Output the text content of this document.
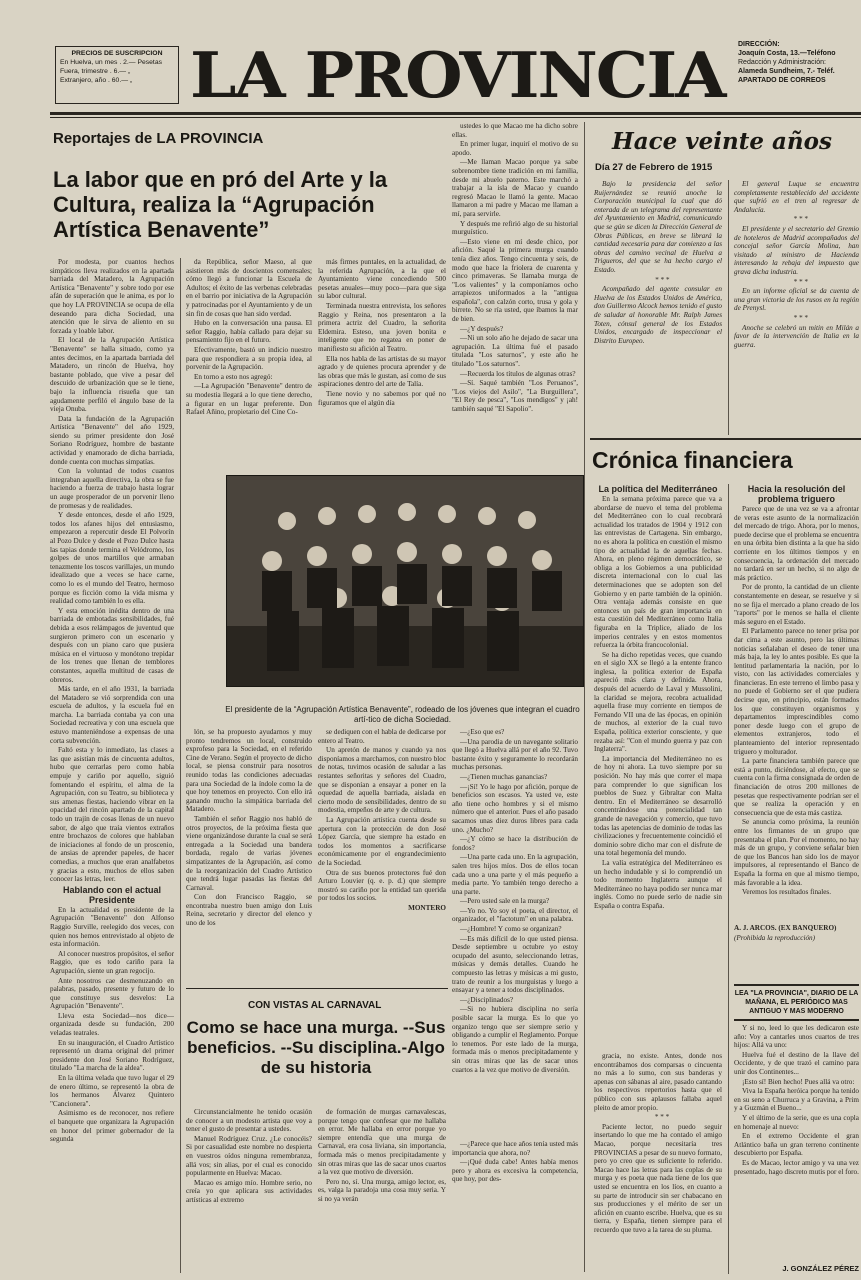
PRECIOS DE SUSCRIPCION
En Huelva, un mes . 2.— Pesetas
Fuera, trimestre . 6.— „
Extranjero, año . 60.— „ LA PROVINCIA DIRECCIÓN:
Joaquín Costa, 13.—Teléfono
Redacción y Administración:
Alameda Sundheim, 7.- Teléf.
APARTADO DE CORREOS
Reportajes de LA PROVINCIA
La labor que en pró del Arte y la Cultura, realiza la “Agrupación Artística Benavente”

Por modesta, por cuantos hechos simpáticos lleva realizados en la apartada barriada del Matadero, la Agrupación Artística "Benavente" y sobre todo por ese afán de superación que le anima, es por lo que hoy LA PROVINCIA se ocupa de ella deseando para dicha Sociedad, una atención que le sirva de aliento en su forzada y loable labor.

El local de la Agrupación Artística "Benavente" se halla situado, como ya antes decimos, en la apartada barriada del Matadero, un rincón de Huelva, hoy bastante poblado, que vive a pesar del descuido de urbanización que se le tiene, bajo la influencia risueña que tan agudamente perfiló el ángulo base de la vieja Onuba.

Data la fundación de la Agrupación Artística "Benavente" del año 1929, siendo su primer presidente don José Soriano Rodríguez, hombre de bastante actividad y enamorado de dicha barriada, donde cuenta con muchas simpatías.

Con la voluntad de todos cuantos integraban aquella directiva, la obra se fue haciendo a fuerza de trabajo hasta lograr un auge prosperador de un porvenir lleno de promesas y de realidades.

Y desde entonces, desde el año 1929, todos los afanes hijos del entusiasmo, empezaron a repercutir desde El Polvorín al Pozo Dulce y desde el Pozo Dulce hasta las tapias donde termina el Velódromo, los golpes de unos martillos que armaban tenazmente los toscos varillajes, un mundo idealizado que a veces se hace carne, como lo es el mundo del Teatro, hermoso porque es ficción como la vida misma y realidad como también lo es ella.

Y esta emoción inédita dentro de una barriada de embotadas sensibilidades, fué debida a esos relámpagos de juventud que surgieron primero con un escenario y después con un piano caro que pusiera música en el virtuoso y monótono trepidar de los trenes que llenan de temblores constantes, aquella multitud de casas de obreros.

Más tarde, en el año 1931, la barriada del Matadero se vió sorprendida con una escuela de adultos, y la escuela fué en marcha. La barriada contaba ya con una Sociedad recreativa y con una escuela que estuvo manteniéndose a expensas de una corta subvención.

Faltó esta y lo inmediato, las clases a las que asistían más de cincuenta adultos, hubo que cerrarlas pero como había empuje y cariño por aquello, siguió fomentando el espíritu, el alma de la Agrupación, con su Teatro, su biblioteca y sus amenas fiestas, haciendo vibrar en la opacidad del rincón apartado de la capital todo un trajín de cosas llenas de un nuevo sabor, de algo que traía vientos extraños entre brochazos de colores que hablaban de iniciaciones al fondo de un proscenio, de ansias de aprender papeles, de hacer comedias, a muchos que eran analfabetos y gracias a esto, muchos de ellos saben conocer las letras, leer.

Hablando con el actual Presidente

En la actualidad es presidente de la Agrupación "Benavente" don Alfonso Raggio Surville, reelegido dos veces, con quien nos hemos entrevistado al objeto de esta información.

Al conocer nuestros propósitos, el señor Raggio, que es todo cariño para la Agrupación, siente un gran regocijo.

Ante nosotros cae desmenuzando en palabras, pasado, presente y futuro de lo que constituye sus desvelos: La Agrupación "Benavente".

Lleva esta Sociedad—nos dice—organizada desde su fundación, 200 veladas teatrales.

En su inauguración, el Cuadro Artístico representó un drama original del primer presidente don José Soriano Rodríguez, titulado "La marcha de la aldea".

En la última velada que tuvo lugar el 29 de enero último, se representó la obra de los hermanos Álvarez Quintero "Cancionera".

Asimismo es de reconocer, nos refiere el banquete que organizara la Agrupación en honor del primer gobernador de la segunda

da República, señor Maeso, al que asistieron más de doscientos comensales; cómo llegó a funcionar la Escuela de Adultos; el éxito de las verbenas celebradas en el barrio por iniciativa de la Agrupación y patrocinadas por el Ayuntamiento y de un sin fin de cosas que han sido verdad.

Hubo en la conversación una pausa. El señor Raggio, había callado para dejar su pensamiento fijo en el futuro.

Efectivamente, bastó un indicio nuestro para que respondiera a su propia idea, al porvenir de la Agrupación.

En torno a esto nos agregó:

—La Agrupación "Benavente" dentro de su modestia llegará a lo que tiene derecho, a figurar en un lugar preferente. Don Rafael Añino, propietario del Cine Co-

más firmes puntales, en la actualidad, de la referida Agrupación, a la que el Ayuntamiento viene concediendo 500 pesetas anuales—muy poco—para que siga su labor cultural.

Terminada nuestra entrevista, los señores Raggio y Reina, nos presentaron a la primera actriz del Cuadro, la señorita Eldemira. Esteso, una joven bonita e inteligente que no regatea en poner de manifiesto su afición al Teatro.

Ella nos habla de las artistas de su mayor agrado y de quienes procura aprender y de las obras que más le gustan, así como de sus aspiraciones dentro del arte de Talía.

Tiene novio y no sabemos por qué no figuramos que el algún día

El presidente de la “Agrupación Artística Benavente”, rodeado de los jóvenes que integran el cuadro artí-tico de dicha Sociedad.

lón, se ha propuesto ayudarnos y muy pronto tendremos un local, construido exprofeso para la Sociedad, en el referido Cine de Verano. Según el proyecto de dicho local, se piensa construir para nosotros reunido todas las condiciones adecuadas para una Sociedad de la índole como la de que hoy tenemos en proyecto. Con ello irá ganando mucho la simpática barriada del Matadero.

También el señor Raggio nos habló de otros proyectos, de la próxima fiesta que viene organizándose durante la cual se será entregada a la Sociedad una bandera bordada, regalo de varias jóvenes simpatizantes de la Agrupación, así como de la reorganización del Cuadro Artístico que tendrá lugar pasadas las fiestas del Carnaval.

Con don Francisco Raggio, se encontraba nuestro buen amigo don Luis Reina, secretario y director del elenco y uno de los

se dediquen con el habla de dedicarse por entero al Teatro.

Un apretón de manos y cuando ya nos disponíamos a marcharnos, con nuestro bloc de notas, tuvimos ocasión de saludar a las restantes señoritas y señores del Cuadro, que se disponían a ensayar a poner en la oquedad de aquella barriada, aislada en cierto modo de sensibilidades, dentro de su modestia, empeños de arte y de cultura.

La Agrupación artística cuenta desde su apertura con la protección de don José López García, que siempre ha estado en todos los momentos a sacrificarse económicamente por el engrandecimiento de la Sociedad.

Otra de sus buenos protectores fué don Arturo Louvier (q. e. p. d.) que siempre mostró su cariño por la entidad tan querida por todos los socios.

MONTERO

ustedes lo que Macao me ha dicho sobre ellas.

En primer lugar, inquirí el motivo de su apodo.

—Me llaman Macao porque ya sabe sobrenombre tiene tradición en mi familia, desde mi abuelo paterno. Este marchó a trabajar a la isla de Macao y cuando regresó Macao le llamó la gente. Macao llamaron a mi padre y Macao me llaman a mí, para servirle.

Y después me refirió algo de su historial murguístico.

—Esto viene en mí desde chico, por afición. Saqué la primera murga cuando tenía diez años. Tengo cincuenta y seis, de modo que hace la friolera de cuarenta y cinco primaveras. Se llamaba murga de "Los valientes" y la componíamos ocho arrapiezos uniformados a la "antigua española", con calzón corto, trusa y gola y birrete. No se ría usted, que íbamos la mar de bien.

—¿Y después?

—Ni un solo año he dejado de sacar una agrupación. La última fué el pasado titulada "Los saturnos", y este año he titulado "Los saturnos".

—Recuerda los títulos de algunas otras?

—Sí. Saqué también "Los Peruanos", "Los viejos del Asilo", "La Burguillera", "El Rey de pesca", "Los mendigos" y ¡ah! también saqué "El Sapolio".

—¿Eso que es?

—Una parodia de un navegante solitario que llegó a Huelva allá por el año 92. Tuvo bastante éxito y seguramente lo recordarán muchas personas.

—¿Tienen muchas ganancias?

—¡Sí! Yo le hago por afición, porque de beneficios son escasos. Ya usted ve, este año tiene ocho hombres y si el mismo número que el anterior. Pues el año pasado sacamos unas diez duros libres para cada uno. ¿Mucho?

—¿Y cómo se hace la distribución de fondos?

—Una parte cada uno. En la agrupación, salen tres hijos míos. Dos de ellos tocan cada uno a una parte y el más pequeño a media parte. Yo también tengo derecho a una parte.

—Pero usted sale en la murga?

—Yo no. Yo soy el poeta, el director, el organizador, el "factotum" en una palabra.

—¿Hombre! Y como se organizan?

—Es más difícil de lo que usted piensa. Desde septiembre u octubre yo estoy ocupado del asunto, seleccionando letras, músicas y demás detalles. Cuando he compuesto las letras y músicas a mi gusto, trato de reunir a los murguistas y luego a ensayar y a tener a todos disciplinados.

—¿Disciplinados?

—Si no hubiera disciplina no sería posible sacar la murga. Es lo que yo organizo tengo que ser siempre serio y obligando a cumplir el Reglamento. Porque lo tenemos. Por este lado de la murga, formada más o menos precipitadamente y sin otras miras que las de sacar unos cuartos a la vez que motivo de diversión.

—¿Parece que hace años tenía usted más importancia que ahora, no?

—¡Qué duda cabe! Antes había menos pero y ahora es excesiva la competencia, que hoy, por des-

CON VISTAS AL CARNAVAL
Como se hace una murga. --Sus beneficios. --Su disciplina.-Algo de su historia

Circunstancialmente he tenido ocasión de conocer a un modesto artista que voy a tener el gusto de presentar a ustedes.

Manuel Rodríguez Cruz. ¿Le conocéis? Si por casualidad este nombre no despierta en vuestros oídos ninguna remembranza, allá vos; sin alias, por el cual es conocido popularmente en Huelva: Macao.

Macao es amigo mío. Hombre serio, no creía yo que aplicara sus actividades artísticas al extremo

de formación de murgas carnavalescas, porque tengo que confesar que me hallaba en error. Me hallaba en error porque yo siempre entendía que una murga de Carnaval, era cosa liviana, sin importancia, formada más o menos precipitadamente y sin otras miras que las de sacar unos cuartos a la vez que motivo de diversión.

Pero no, sí. Una murga, amigo lector, es, es, valga la paradoja una cosa muy seria. Y si no ya verán

Hace veinte años
Día 27 de Febrero de 1915

Bajo la presidencia del señor Ruijernández se reunió anoche la Corporación municipal la cual que dó enterada de un telegrama del representante del Ayuntamiento en Madrid, comunicando que se gún se dicen la Dirección General de Obras Públicas, en breve se librará la cantidad necesaria para dar comienzo a las obras del camino vecinal de Huelva a Trigueros, del que se ha hecho cargo el Estado.

* * *

Acompañado del agente consular en Huelva de los Estados Unidos de América, don Guillermo Alcock hemos tenido el gusto de saludar al honorable Mr. Ralph James Toten, cónsul general de los Estados Unidos, encargado de inspeccionar el Distrito Europeo.

El general Luque se encuentra completamente restablecido del accidente que sufrió en el tren al regresar de Andalucía.

* * *

El presidente y el secretario del Gremio de hoteleros de Madrid acompañados del concejal señor García Molina, han visitado al ministro de Hacienda interesando la rebaja del impuesto que grava dicha industria.

* * *

En un informe oficial se da cuenta de una gran victoria de los rusos en la región de Prenysl.

* * *

Anoche se celebró un mitin en Milán a favor de la intervención de Italia en la guerra.

Crónica financiera

La política del Mediterráneo

En la semana próxima parece que va a abordarse de nuevo el tema del problema del Mediterráneo con lo cual recobrará actualidad los tratados de 1904 y 1912 con las entrevistas de Cartagena. Sin embargo, no es ahora la política en cuestión el mismo tipo de actualidad la de aquellas fechas. Ahora, en pleno régimen democrático, se obliga a los Gobiernos a una publicidad discreta internacional con lo cual las determinaciones que se adopten son del Gobierno y en parte también de la opinión. Otra ventaja además consiste en que entonces un país de gran importancia en esta cuestión del Mediterráneo como Italia figuraba en la Triplice, aliado de los imperios centrales y en estos momentos refuerza la órbita francocolonial.

Se ha dicho repetidas veces, que cuando en el siglo XX se llegó a la entente franco inglesa, la política exterior de España apareció más clara y definida. Ahora, después del acuerdo de Laval y Mussolini, la claridad se mejora, recobra actualidad aquella frase muy corriente en tiempos de Fernando VII una de las épocas, en opinión de muchos, al exterior de la cual tuvo España, política exterior consciente, y que rezaba así: "Con el mundo guerra y paz con Inglaterra".

La importancia del Mediterráneo no es de hoy ni ahora. La tuvo siempre por su posición. No hay más que correr el mapa para comprender lo que significan los pueblos de Suez y Gibraltar con Malta dentro. En el Mediterráneo se desarrolló concentrándose una potencialidad tan grande de navegación y comercio, que tuvo todas las apetencias de dominio de todas las civilizaciones y frecuentemente coincidió el dominio sobre dicho mar con el disfrute de una total hegemonía del mundo.

La valía estratégica del Mediterráneo es un hecho indudable y si lo comprendió un todo momento Inglaterra aunque el Mediterráneo no haya podido ser nunca mar inglés. Como no puede serlo de nadie sin España o contra España.

Hacia la resolución del problema triguero

Parece que de una vez se va a afrontar de veras este asunto de la normalización del mercado de trigo. Ahora, por lo menos, puede decirse que el problema se encuentra en una órbita bien distinta a la que ha sido corriente en los últimos tiempos y en consecuencia, la ordenación del mercado no tardará en ser un hecho, si no algo de más práctico.

Por de pronto, la cantidad de un cliente constantemente en desear, se resuelve y si no se fija el mercado a plano creado de los "raports" por le menos se halla el cliente más seguro en el Estado.

El Parlamento parece no tener prisa por dar cima a este asunto, pero las últimas noticias señalaban el deseo de tener una más baja, la ley lo antes posible. Es que la lentitud parlamentaria la nación, por lo visto, con las actividades comerciales y financieras. En este terreno el limbo pasa y no puede el Gobierno ser el que pudiera decirse que, en principio, están formados los que constituyen organismos y departamentos imprescindibles como poner desde luego con el grupo de elementos extranjeros, todo el planteamiento del interior representado triguero y molturador.

La parte financiera también parece que está a punto, diciéndose, al efecto, que se cuenta con la firma consignada de orden de financiación de otros 200 millones de pesetas que respectivamente podrían ser el que se realiza la operación y en consecuencia que de esta más castiza.

Se anuncia como próxima, la reunión entre los firmantes de un grupo que presentaba el plan. Por el momento, no hay más de un grupo, y conviene señalar bien de que los Bancos han sido los de mayor impulsores, al representando el Banco de España la forma en que al mismo tiempo, más favorable a la idea.

Veremos los resultados finales.

A. J. ARCOS. (EX BANQUERO)

(Prohibida la reproducción)

LEA "LA PROVINCIA", DIARIO DE LA MAÑANA, EL PERIÓDICO MAS ANTIGUO Y MAS MODERNO

gracia, no existe. Antes, donde nos encontrábamos dos comparsas o cincuenta no más a lo sumo, con sus banderas y apenas con sábanas al aire, pasado cantando los respectivos repertorios hasta que el público con sus aplausos fallaba aquel pleito de amor propio.

* * *

Paciente lector, no puedo seguir insertando lo que me ha contado el amigo Macao, porque necesitaría tres PROVINCIAS a pesar de su nuevo formato, pero yo creo que es suficiente lo referido. Macao hace las letras para las coplas de su murga y es poeta que nada tiene de los que usted se encuentra en los líos, en cuanto a su parte de introducir sin ser chabacano en sus producciones y el mérito de ser un afición en cuanto escribe. Huelva, que es su tierra, y España, tienen siempre para el recuerdo que tuvo a la tarea de su pluma.

Y si no, leed lo que les dedicaron este año: Voy a cantarles unos cuartos de tres hijos: Allá va uno:

Huelva fué el destino de la llave del Occidente, y de que trazó el camino para unir dos Continentes...

¡Esto sí! Bien hecho! Pues allá va otro:

Viva la España heróica porque ha tenido en su seno a Churruca y a Gravina, a Prim y a Guzmán el Bueno...

Y el último de la serie, que es una copla en homenaje al nuevo:

En el extremo Occidente el gran Atlántico baña un gran terreno continente descubierto por España.

Es de Macao, lector amigo y va una vez presentado, hago discreto mutis por el foro.

J. GONZÁLEZ PÉREZ
